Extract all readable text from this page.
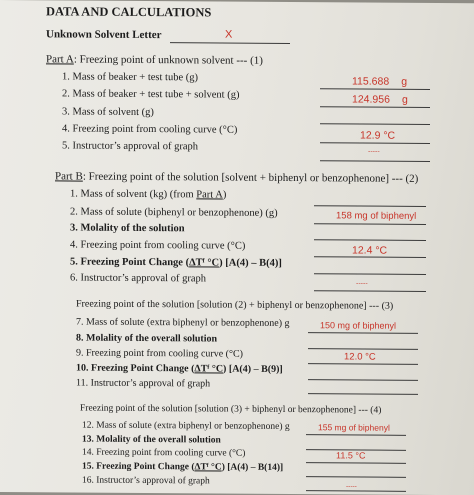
DATA AND CALCULATIONS
Unknown Solvent Letter	X
Part A: Freezing point of unknown solvent --- (1)
1. Mass of beaker + test tube (g)	115.688 g
2. Mass of beaker + test tube + solvent (g)	124.956 g
3. Mass of solvent (g)
4. Freezing point from cooling curve (°C)	12.9 °C
5. Instructor’s approval of graph	-----
Part B: Freezing point of the solution [solvent + biphenyl or benzophenone] --- (2)
1. Mass of solvent (kg) (from Part A)
2. Mass of solute (biphenyl or benzophenone) (g)	158 mg of biphenyl
3. Molality of the solution
4. Freezing point from cooling curve (°C)	12.4 °C
5. Freezing Point Change (ΔTᶠ °C) [A(4) – B(4)]
6. Instructor’s approval of graph	-----
Freezing point of the solution [solution (2) + biphenyl or benzophenone] --- (3)
7. Mass of solute (extra biphenyl or benzophenone) g	150 mg of biphenyl
8. Molality of the overall solution
9. Freezing point from cooling curve (°C)	12.0 °C
10. Freezing Point Change (ΔTᶠ °C) [A(4) – B(9)]
11. Instructor’s approval of graph
Freezing point of the solution [solution (3) + biphenyl or benzophenone] --- (4)
12. Mass of solute (extra biphenyl or benzophenone) g	155 mg of biphenyl
13. Molality of the overall solution
14. Freezing point from cooling curve (°C)	11.5 °C
15. Freezing Point Change (ΔTᶠ °C) [A(4) – B(14)]
16. Instructor’s approval of graph
-----
